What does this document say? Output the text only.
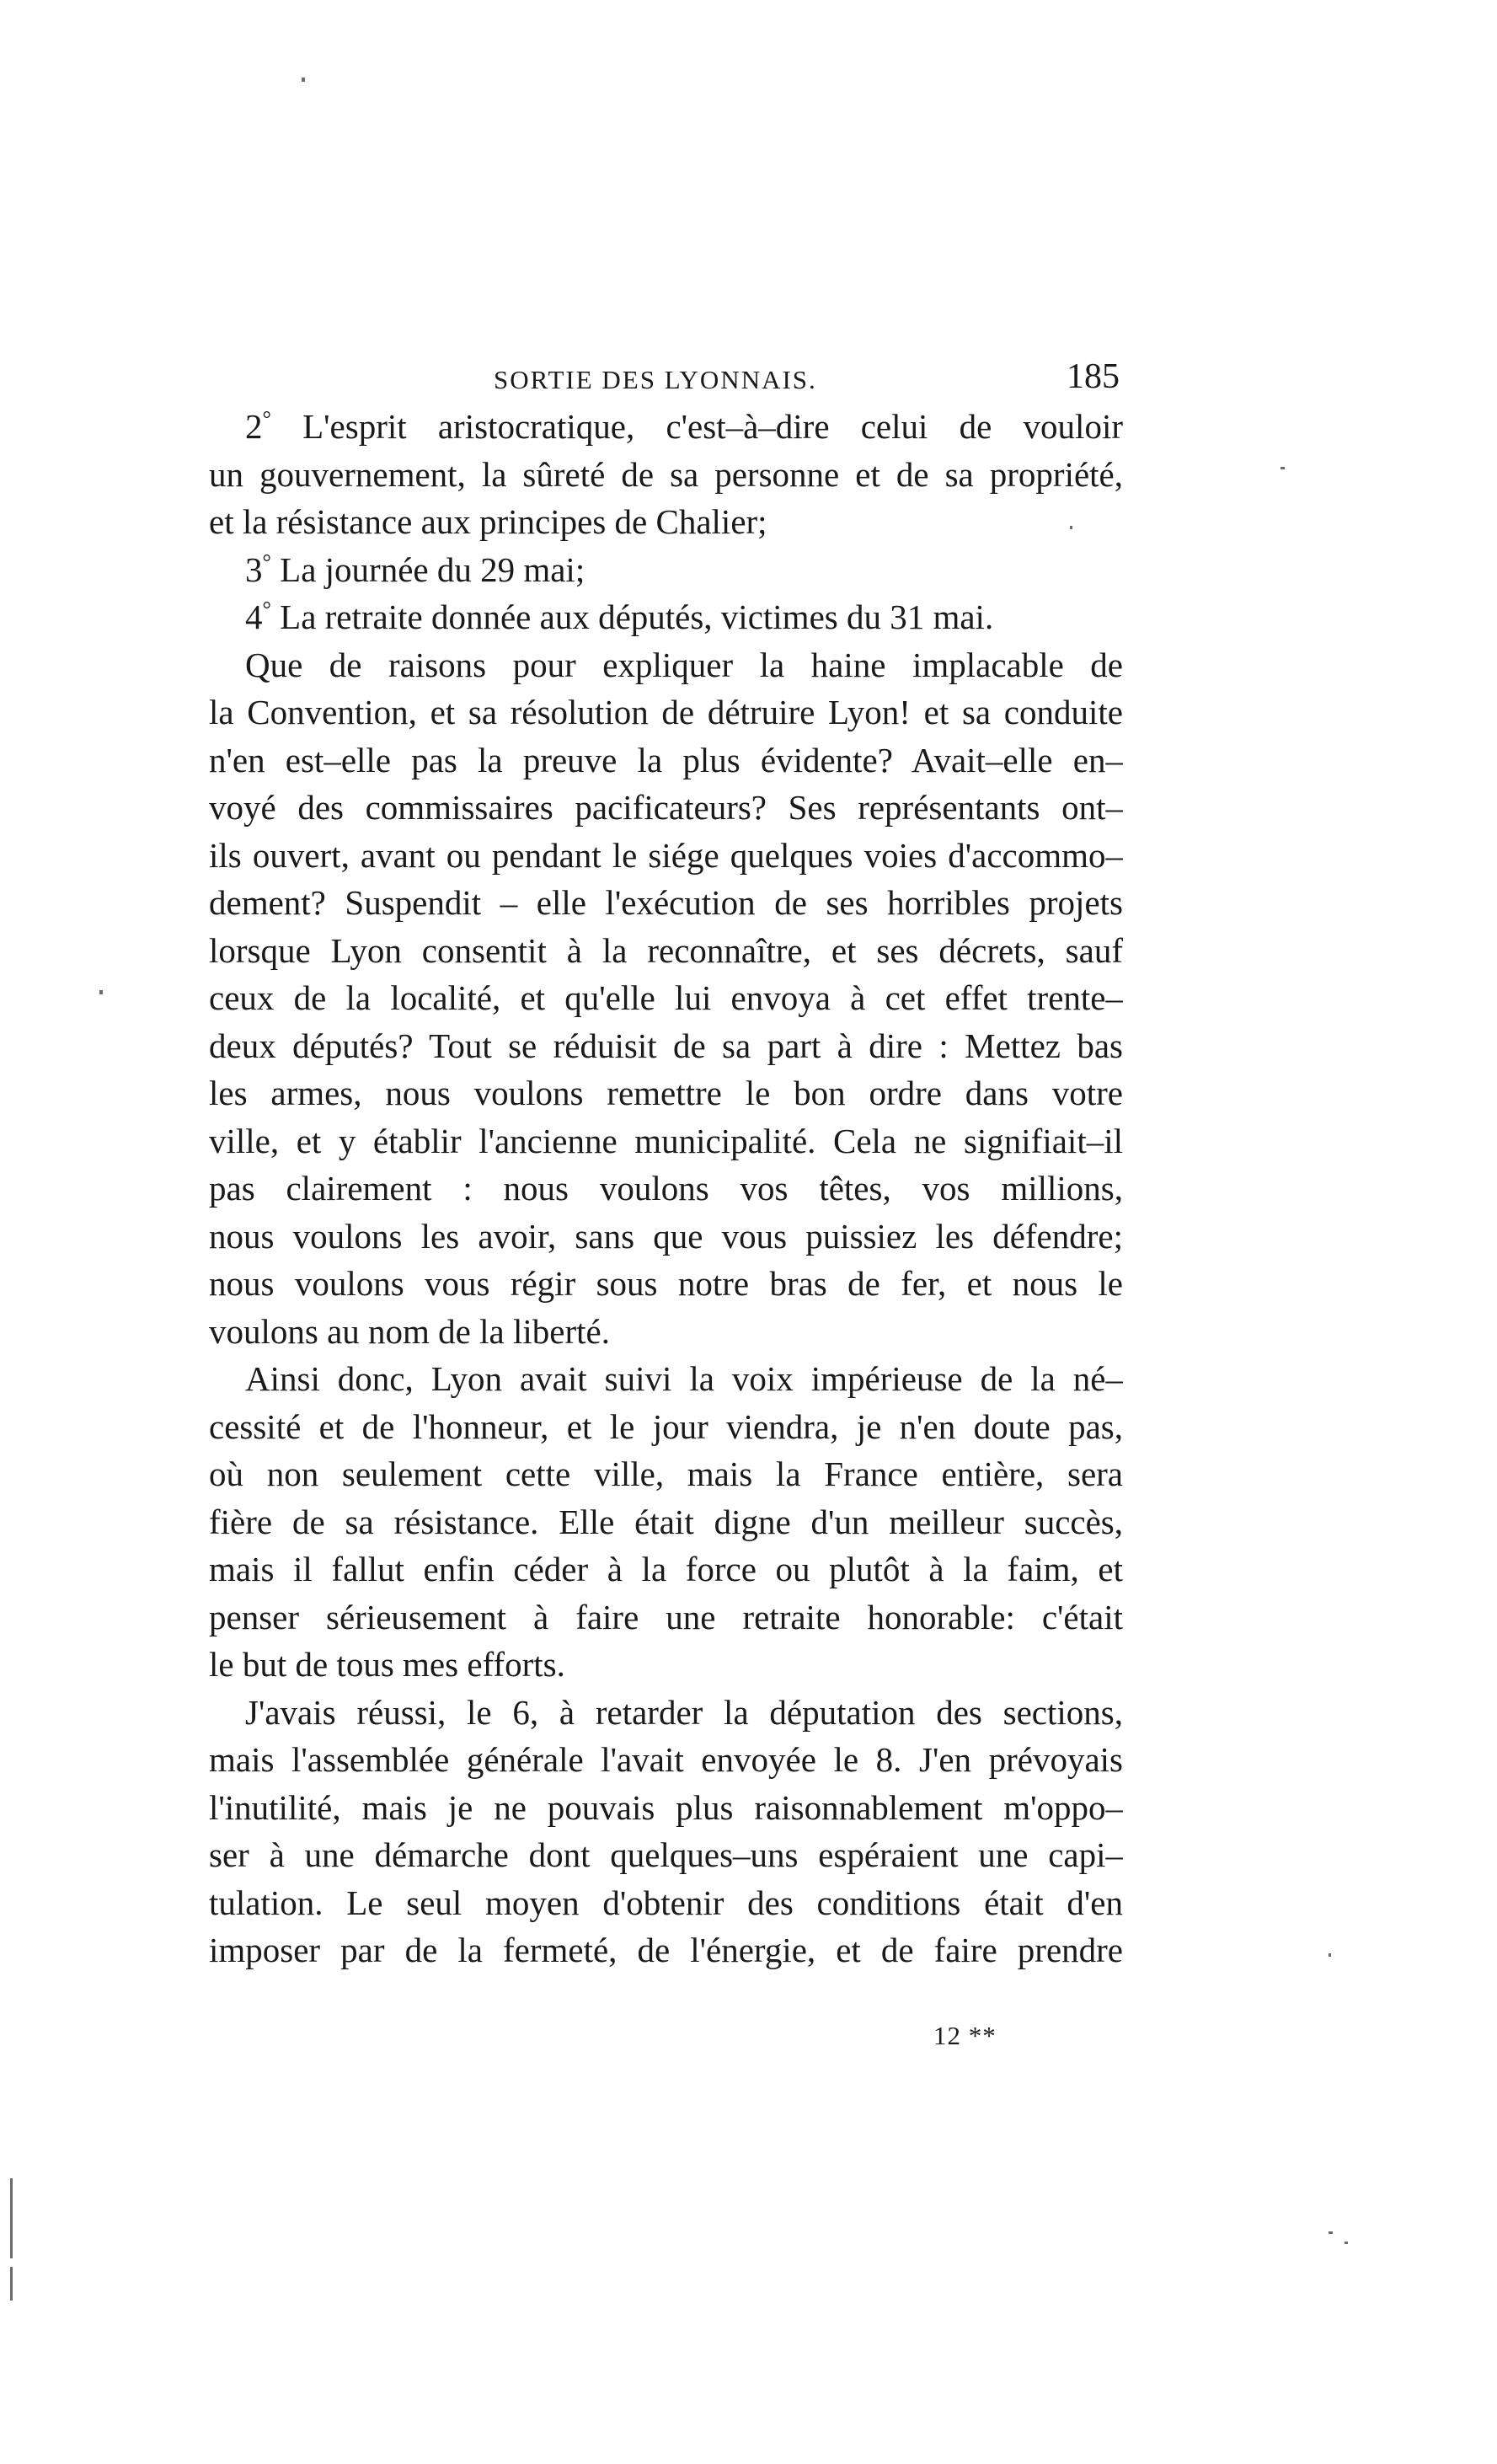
SORTIE DES LYONNAIS.	185
2° L'esprit aristocratique, c'est–à–dire celui de vouloir
un gouvernement, la sûreté de sa personne et de sa propriété,
et la résistance aux principes de Chalier;
3° La journée du 29 mai;
4° La retraite donnée aux députés, victimes du 31 mai.
Que de raisons pour expliquer la haine implacable de
la Convention, et sa résolution de détruire Lyon! et sa conduite
n'en est–elle pas la preuve la plus évidente? Avait–elle en–
voyé des commissaires pacificateurs? Ses représentants ont–
ils ouvert, avant ou pendant le siége quelques voies d'accommo–
dement? Suspendit – elle l'exécution de ses horribles projets
lorsque Lyon consentit à la reconnaître, et ses décrets, sauf
ceux de la localité, et qu'elle lui envoya à cet effet trente–
deux députés? Tout se réduisit de sa part à dire : Mettez bas
les armes, nous voulons remettre le bon ordre dans votre
ville, et y établir l'ancienne municipalité. Cela ne signifiait–il
pas clairement : nous voulons vos têtes, vos millions,
nous voulons les avoir, sans que vous puissiez les défendre;
nous voulons vous régir sous notre bras de fer, et nous le
voulons au nom de la liberté.
Ainsi donc, Lyon avait suivi la voix impérieuse de la né–
cessité et de l'honneur, et le jour viendra, je n'en doute pas,
où non seulement cette ville, mais la France entière, sera
fière de sa résistance. Elle était digne d'un meilleur succès,
mais il fallut enfin céder à la force ou plutôt à la faim, et
penser sérieusement à faire une retraite honorable: c'était
le but de tous mes efforts.
J'avais réussi, le 6, à retarder la députation des sections,
mais l'assemblée générale l'avait envoyée le 8. J'en prévoyais
l'inutilité, mais je ne pouvais plus raisonnablement m'oppo–
ser à une démarche dont quelques–uns espéraient une capi–
tulation. Le seul moyen d'obtenir des conditions était d'en
imposer par de la fermeté, de l'énergie, et de faire prendre
12 **
